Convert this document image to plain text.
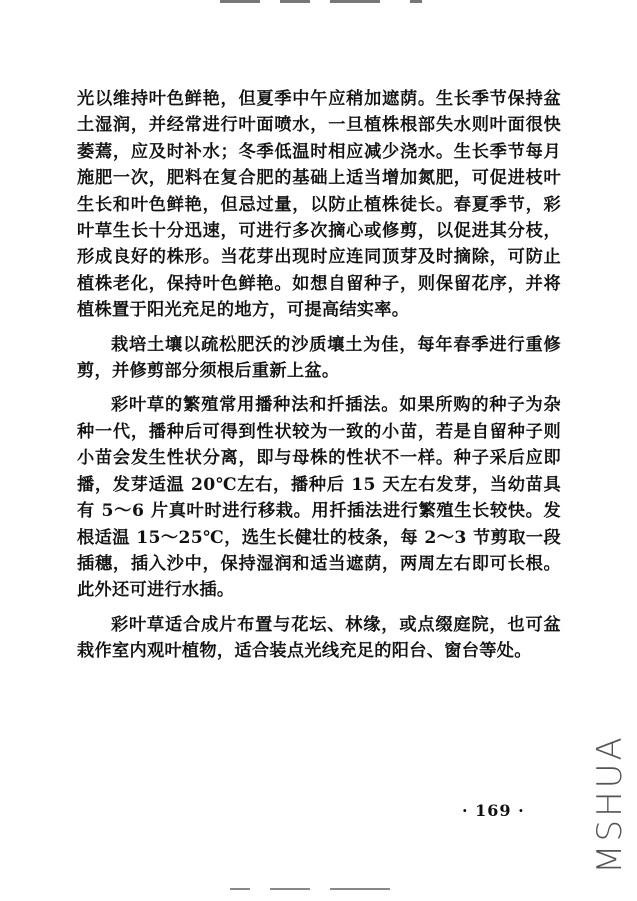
光以维持叶色鲜艳，但夏季中午应稍加遮荫。生长季节保持盆土湿润，并经常进行叶面喷水，一旦植株根部失水则叶面很快萎蔫，应及时补水；冬季低温时相应减少浇水。生长季节每月施肥一次，肥料在复合肥的基础上适当增加氮肥，可促进枝叶生长和叶色鲜艳，但忌过量，以防止植株徒长。春夏季节，彩叶草生长十分迅速，可进行多次摘心或修剪，以促进其分枝，形成良好的株形。当花芽出现时应连同顶芽及时摘除，可防止植株老化，保持叶色鲜艳。如想自留种子，则保留花序，并将植株置于阳光充足的地方，可提高结实率。

栽培土壤以疏松肥沃的沙质壤土为佳，每年春季进行重修剪，并修剪部分须根后重新上盆。

彩叶草的繁殖常用播种法和扦插法。如果所购的种子为杂种一代，播种后可得到性状较为一致的小苗，若是自留种子则小苗会发生性状分离，即与母株的性状不一样。种子采后应即播，发芽适温 20℃左右，播种后 15 天左右发芽，当幼苗具有 5～6 片真叶时进行移栽。用扦插法进行繁殖生长较快。发根适温 15～25℃，选生长健壮的枝条，每 2～3 节剪取一段插穗，插入沙中，保持湿润和适当遮荫，两周左右即可长根。此外还可进行水插。

彩叶草适合成片布置与花坛、林缘，或点缀庭院，也可盆栽作室内观叶植物，适合装点光线充足的阳台、窗台等处。

· 169 · MSHUA
